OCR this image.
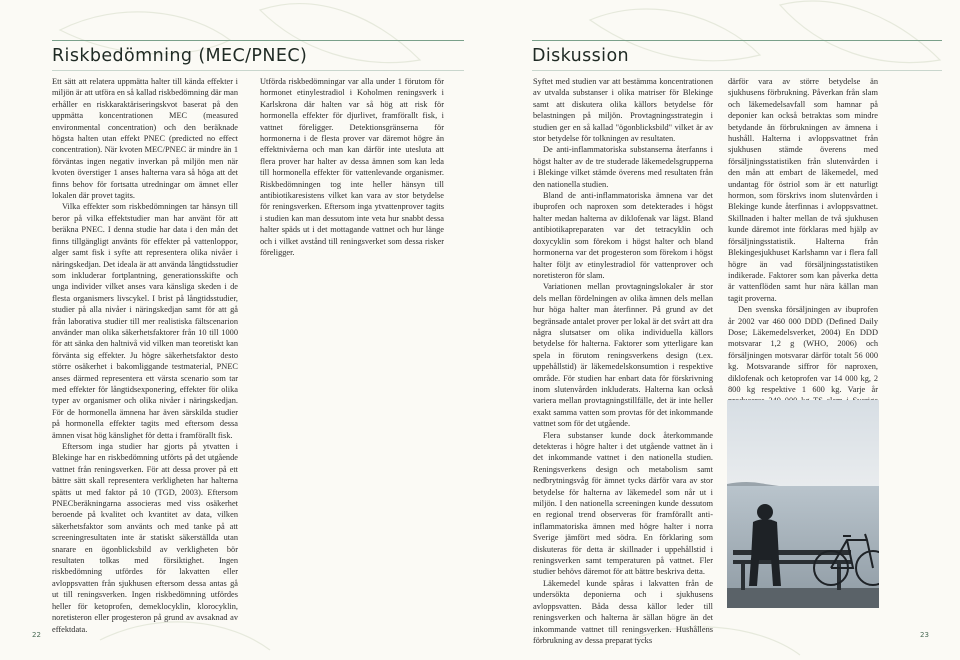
Riskbedömning (MEC/PNEC)

Ett sätt att relatera uppmätta halter till kända effekter i miljön är att utföra en så kallad riskbedömning där man erhåller en riskkaraktäriseringskvot baserat på den uppmätta koncentrationen MEC (measured environmental concentration) och den beräknade högsta halten utan effekt PNEC (predicted no effect concentration). När kvoten MEC/PNEC är mindre än 1 förväntas ingen negativ inverkan på miljön men när kvoten överstiger 1 anses halterna vara så höga att det finns behov för fortsatta utredningar om ämnet eller lokalen där provet tagits.

Vilka effekter som riskbedömningen tar hänsyn till beror på vilka effektstudier man har använt för att beräkna PNEC. I denna studie har data i den mån det finns tillgängligt använts för effekter på vattenloppor, alger samt fisk i syfte att representera olika nivåer i näringskedjan. Det ideala är att använda långtidsstudier som inkluderar fortplantning, generationsskifte och unga individer vilket anses vara känsliga skeden i de flesta organismers livscykel. I brist på långtidsstudier, studier på alla nivåer i näringskedjan samt för att gå från laborativa studier till mer realistiska fältscenarion använder man olika säkerhetsfaktorer från 10 till 1000 för att sänka den haltnivå vid vilken man teoretiskt kan förvänta sig effekter. Ju högre säkerhetsfaktor desto större osäkerhet i bakomliggande testmaterial, PNEC anses därmed representera ett värsta scenario som tar med effekter för långtidsexponering, effekter för olika typer av organismer och olika nivåer i näringskedjan. För de hormonella ämnena har även särskilda studier på hormonella effekter tagits med eftersom dessa ämnen visat hög känslighet för detta i framförallt fisk.

Eftersom inga studier har gjorts på ytvatten i Blekinge har en riskbedömning utförts på det utgående vattnet från reningsverken. För att dessa prover på ett bättre sätt skall representera verkligheten har halterna spätts ut med faktor på 10 (TGD, 2003). Eftersom PNECberäkningarna associeras med viss osäkerhet beroende på kvalitet och kvantitet av data, vilken säkerhetsfaktor som använts och med tanke på att screeningresultaten inte är statiskt säkerställda utan snarare en ögonblicksbild av verkligheten bör resultaten tolkas med försiktighet. Ingen riskbedömning utfördes för lakvatten eller avloppsvatten från sjukhusen eftersom dessa antas gå ut till reningsverken. Ingen riskbedömning utfördes heller för ketoprofen, demeklocyklin, klorocyklin, noretisteron eller progesteron på grund av avsaknad av effektdata.

Utförda riskbedömningar var alla under 1 förutom för hormonet etinylestradiol i Koholmen reningsverk i Karlskrona där halten var så hög att risk för hormonella effekter för djurlivet, framförallt fisk, i vattnet föreligger. Detektionsgränserna för hormonerna i de flesta prover var däremot högre än effektnivåerna och man kan därför inte utesluta att flera prover har halter av dessa ämnen som kan leda till hormonella effekter för vattenlevande organismer. Riskbedömningen tog inte heller hänsyn till antibiotikaresistens vilket kan vara av stor betydelse för reningsverken. Eftersom inga ytvattenprover tagits i studien kan man dessutom inte veta hur snabbt dessa halter späds ut i det mottagande vattnet och hur länge och i vilket avstånd till reningsverket som dessa risker föreligger.

22
Diskussion

Syftet med studien var att bestämma koncentrationen av utvalda substanser i olika matriser för Blekinge samt att diskutera olika källors betydelse för belastningen på miljön. Provtagningsstrategin i studien ger en så kallad "ögonblicksbild" vilket är av stor betydelse för tolkningen av resultaten.

De anti-inflammatoriska substanserna återfanns i högst halter av de tre studerade läkemedelsgrupperna i Blekinge vilket stämde överens med resultaten från den nationella studien.

Bland de anti-inflammatoriska ämnena var det ibuprofen och naproxen som detekterades i högst halter medan halterna av diklofenak var lägst. Bland antibiotikapreparaten var det tetracyklin och doxycyklin som förekom i högst halter och bland hormonerna var det progesteron som förekom i högst halter följt av etinylestradiol för vattenprover och noretisteron för slam.

Variationen mellan provtagningslokaler är stor dels mellan fördelningen av olika ämnen dels mellan hur höga halter man återfinner. På grund av det begränsade antalet prover per lokal är det svårt att dra några slutsatser om olika individuella källors betydelse för halterna. Faktorer som ytterligare kan spela in förutom reningsverkens design (t.ex. uppehållstid) är läkemedelskonsumtion i respektive område. För studien har enbart data för förskrivning inom slutenvården inkluderats. Halterna kan också variera mellan provtagningstillfälle, det är inte heller exakt samma vatten som provtas för det inkommande vattnet som för det utgående.

Flera substanser kunde dock återkommande detekteras i högre halter i det utgående vattnet än i det inkommande vattnet i den nationella studien. Reningsverkens design och metabolism samt nedbrytningsvåg för ämnet tycks därför vara av stor betydelse för halterna av läkemedel som når ut i miljön. I den nationella screeningen kunde dessutom en regional trend observeras för framförallt anti-inflammatoriska ämnen med högre halter i norra Sverige jämfört med södra. En förklaring som diskuteras för detta är skillnader i uppehållstid i reningsverken samt temperaturen på vattnet. Fler studier behövs däremot för att bättre beskriva detta.

Läkemedel kunde spåras i lakvatten från de undersökta deponierna och i sjukhusens avloppsvatten. Båda dessa källor leder till reningsverken och halterna är sällan högre än det inkommande vattnet till reningsverken. Hushållens förbrukning av dessa preparat tycks

därför vara av större betydelse än sjukhusens förbrukning. Påverkan från slam och läkemedelsavfall som hamnar på deponier kan också betraktas som mindre betydande än förbrukningen av ämnena i hushåll. Halterna i avloppsvattnet från sjukhusen stämde överens med försäljningsstatistiken från slutenvården i den mån att embart de läkemedel, med undantag för östriol som är ett naturligt hormon, som förskrivs inom slutenvården i Blekinge kunde återfinnas i avloppsvattnet. Skillnaden i halter mellan de två sjukhusen kunde däremot inte förklaras med hjälp av försäljningsstatistik. Halterna från Blekingesjukhuset Karlshamn var i flera fall högre än vad försäljningsstatistiken indikerade. Faktorer som kan påverka detta är vattenflöden samt hur nära källan man tagit proverna.

Den svenska försäljningen av ibuprofen år 2002 var 460 000 DDD (Defined Daily Dose; Läkemedelsverket, 2004) En DDD motsvarar 1,2 g (WHO, 2006) och försäljningen motsvarar därför totalt 56 000 kg. Motsvarande siffror för naproxen, diklofenak och ketoprofen var 14 000 kg, 2 800 kg respektive 1 600 kg. Varje år

23
